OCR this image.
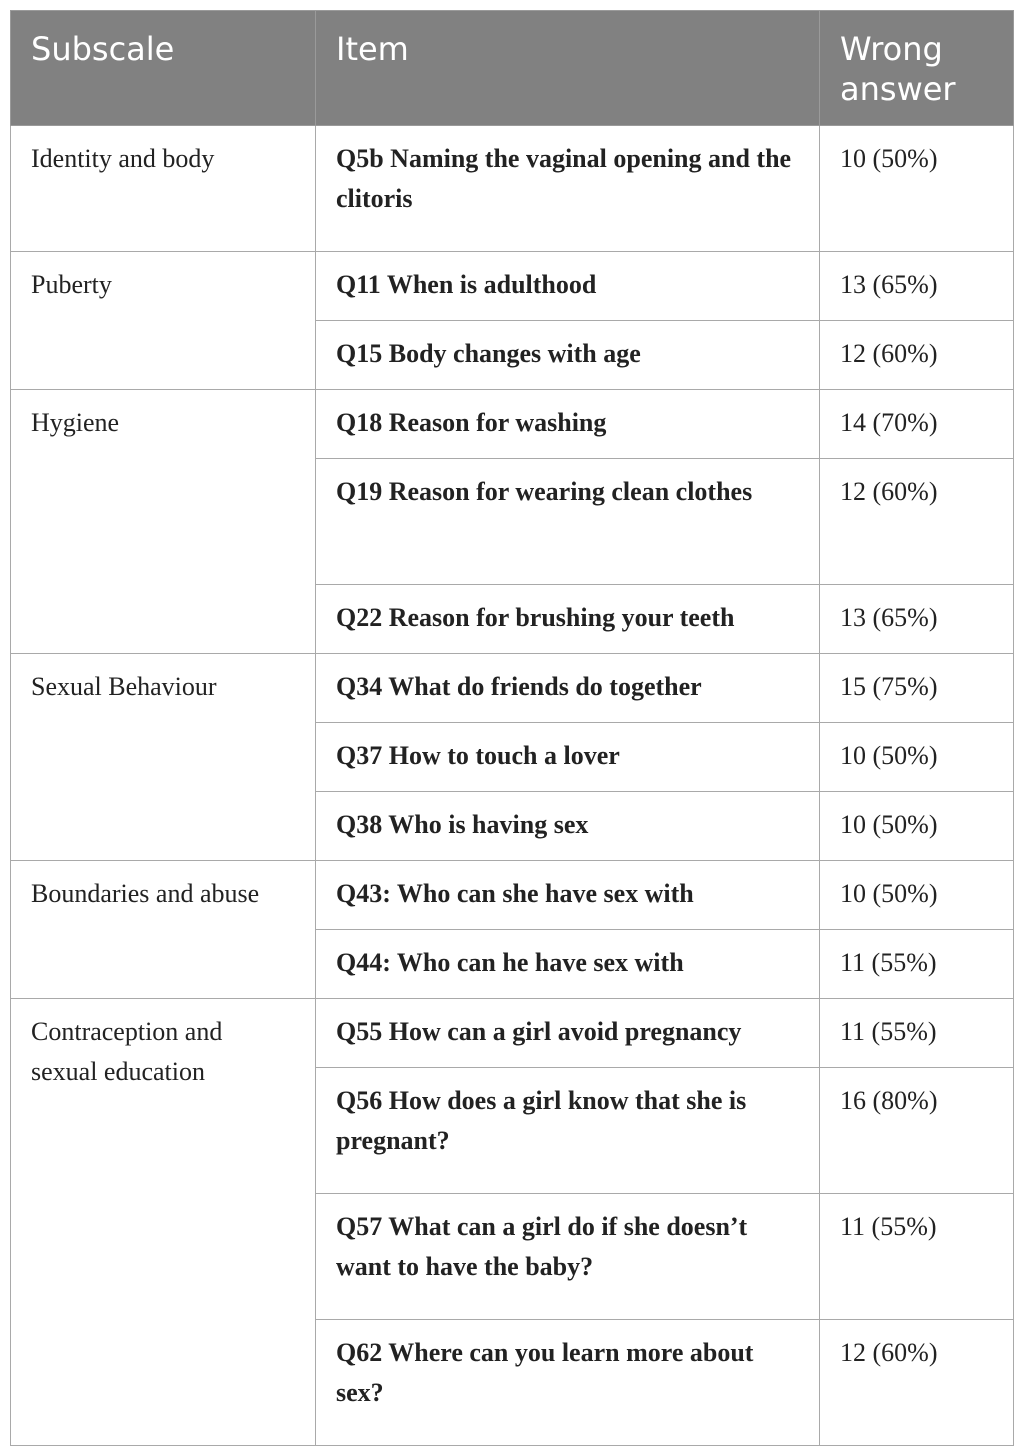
Subscale	Item	Wrong answer
Identity and body	Q5b Naming the vaginal opening and the clitoris	10 (50%)
Puberty	Q11 When is adulthood	13 (65%)
	Q15 Body changes with age	12 (60%)
Hygiene	Q18 Reason for washing	14 (70%)
	Q19 Reason for wearing clean clothes	12 (60%)
	Q22 Reason for brushing your teeth	13 (65%)
Sexual Behaviour	Q34 What do friends do together	15 (75%)
	Q37 How to touch a lover	10 (50%)
	Q38 Who is having sex	10 (50%)
Boundaries and abuse	Q43: Who can she have sex with	10 (50%)
	Q44: Who can he have sex with	11 (55%)
Contraception and sexual education	Q55 How can a girl avoid pregnancy	11 (55%)
	Q56 How does a girl know that she is pregnant?	16 (80%)
	Q57 What can a girl do if she doesn’t want to have the baby?	11 (55%)
	Q62 Where can you learn more about sex?	12 (60%)
